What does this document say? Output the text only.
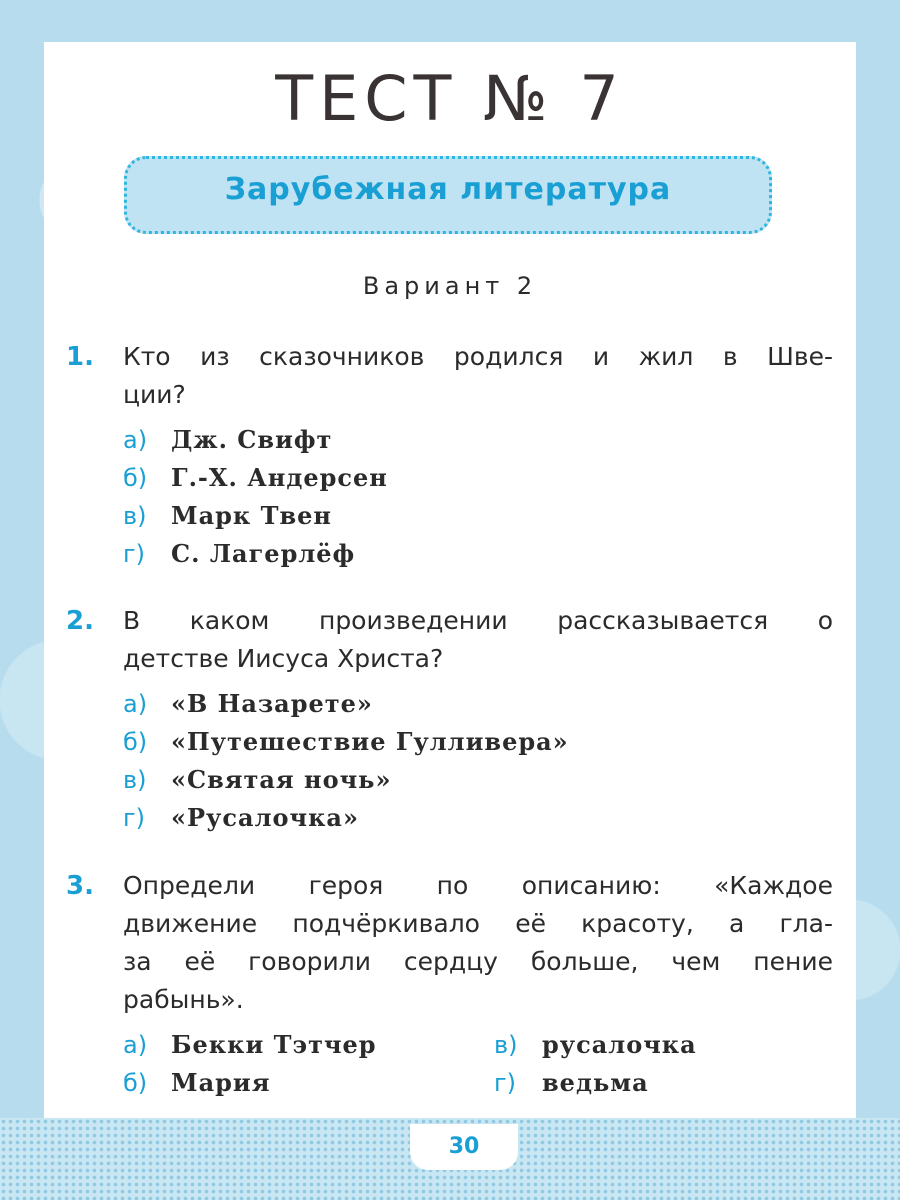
ТЕСТ № 7
Зарубежная литература
Вариант 2
1. Кто из сказочников родился и жил в Шве-
ции?
а) Дж. Свифт
б) Г.-Х. Андерсен
в) Марк Твен
г) С. Лагерлёф
2. В каком произведении рассказывается о
детстве Иисуса Христа?
а) «В Назарете»
б) «Путешествие Гулливера»
в) «Святая ночь»
г) «Русалочка»
3. Определи героя по описанию: «Каждое
движение подчёркивало её красоту, а гла-
за её говорили сердцу больше, чем пение
рабынь».
а) Бекки Тэтчер
б) Мария
в) русалочка
г) ведьма
30
